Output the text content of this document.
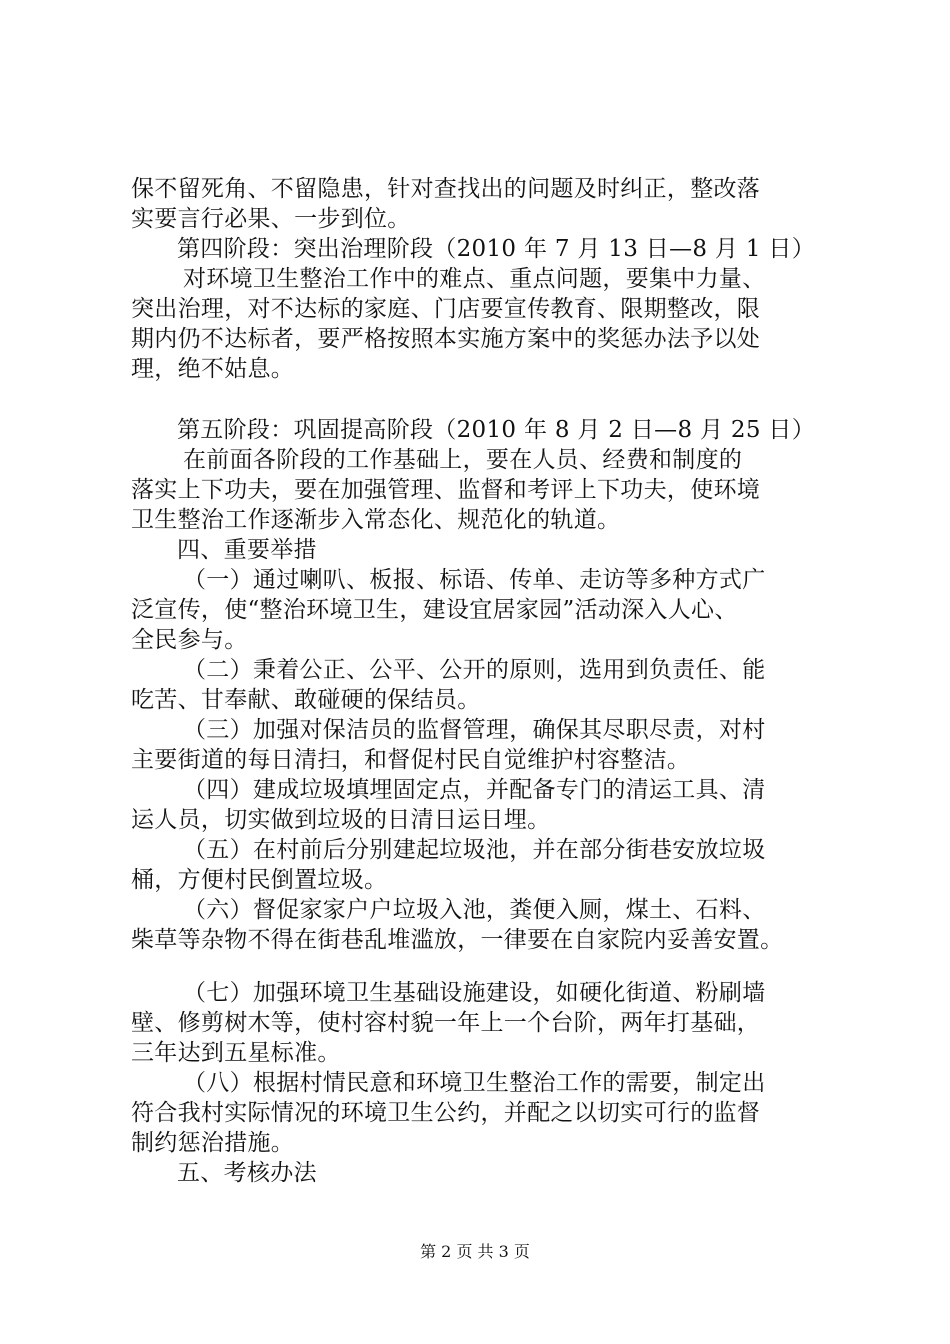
保不留死角、不留隐患，针对查找出的问题及时纠正，整改落
实要言行必果、一步到位。
第四阶段：突出治理阶段（2010 年 7 月 13 日—8 月 1 日）
对环境卫生整治工作中的难点、重点问题，要集中力量、
突出治理，对不达标的家庭、门店要宣传教育、限期整改，限
期内仍不达标者，要严格按照本实施方案中的奖惩办法予以处
理，绝不姑息。
第五阶段：巩固提高阶段（2010 年 8 月 2 日—8 月 25 日）
在前面各阶段的工作基础上，要在人员、经费和制度的
落实上下功夫，要在加强管理、监督和考评上下功夫，使环境
卫生整治工作逐渐步入常态化、规范化的轨道。
四、重要举措
（一）通过喇叭、板报、标语、传单、走访等多种方式广
泛宣传，使“整治环境卫生，建设宜居家园”活动深入人心、
全民参与。
（二）秉着公正、公平、公开的原则，选用到负责任、能
吃苦、甘奉献、敢碰硬的保结员。
（三）加强对保洁员的监督管理，确保其尽职尽责，对村
主要街道的每日清扫，和督促村民自觉维护村容整洁。
（四）建成垃圾填埋固定点，并配备专门的清运工具、清
运人员，切实做到垃圾的日清日运日埋。
（五）在村前后分别建起垃圾池，并在部分街巷安放垃圾
桶，方便村民倒置垃圾。
（六）督促家家户户垃圾入池，粪便入厕，煤土、石料、
柴草等杂物不得在街巷乱堆滥放，一律要在自家院内妥善安置。
（七）加强环境卫生基础设施建设，如硬化街道、粉刷墙
壁、修剪树木等，使村容村貌一年上一个台阶，两年打基础，
三年达到五星标准。
（八）根据村情民意和环境卫生整治工作的需要，制定出
符合我村实际情况的环境卫生公约，并配之以切实可行的监督
制约惩治措施。
五、考核办法
第 2 页 共 3 页
